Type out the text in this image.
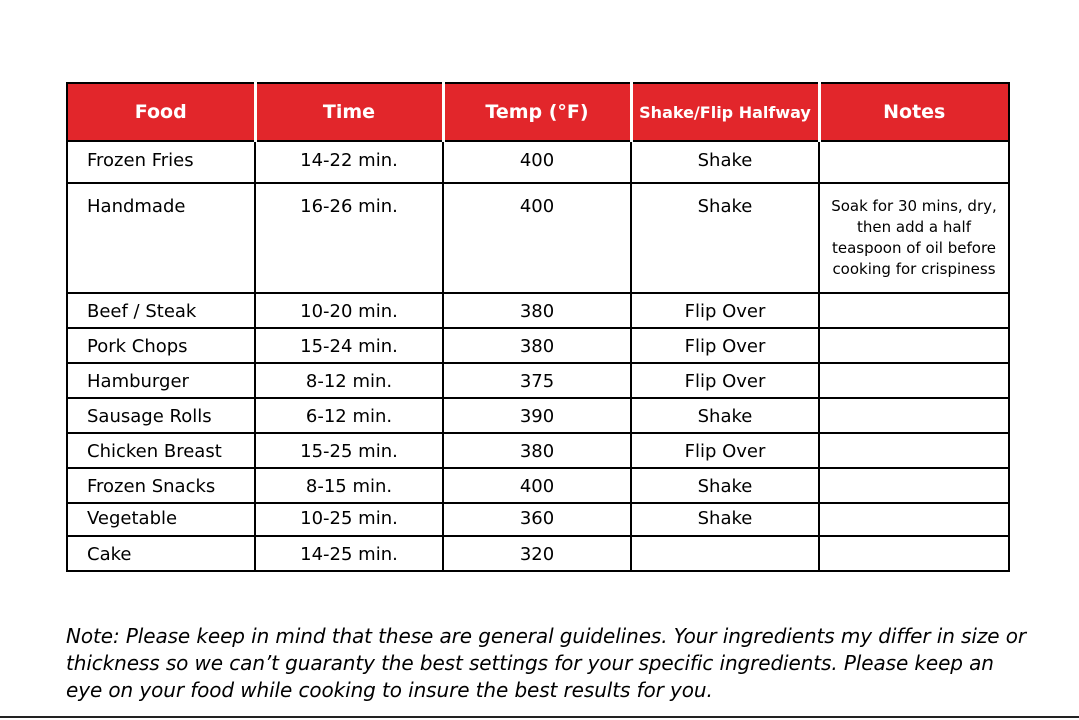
Food	Time	Temp (°F)	Shake/Flip Halfway	Notes

Frozen Fries	14-22 min.	400	Shake	

Handmade	16-26 min.	400	Shake	Soak for 30 mins, dry, then add a half teaspoon of oil before cooking for crispiness

Beef / Steak	10-20 min.	380	Flip Over	

Pork Chops	15-24 min.	380	Flip Over	

Hamburger	8-12 min.	375	Flip Over	

Sausage Rolls	6-12 min.	390	Shake	

Chicken Breast	15-25 min.	380	Flip Over	

Frozen Snacks	8-15 min.	400	Shake	

Vegetable	10-25 min.	360	Shake	

Cake	14-25 min.	320		

Note: Please keep in mind that these are general guidelines. Your ingredients my differ in size or thickness so we can’t guaranty the best settings for your specific ingredients. Please keep an eye on your food while cooking to insure the best results for you.
